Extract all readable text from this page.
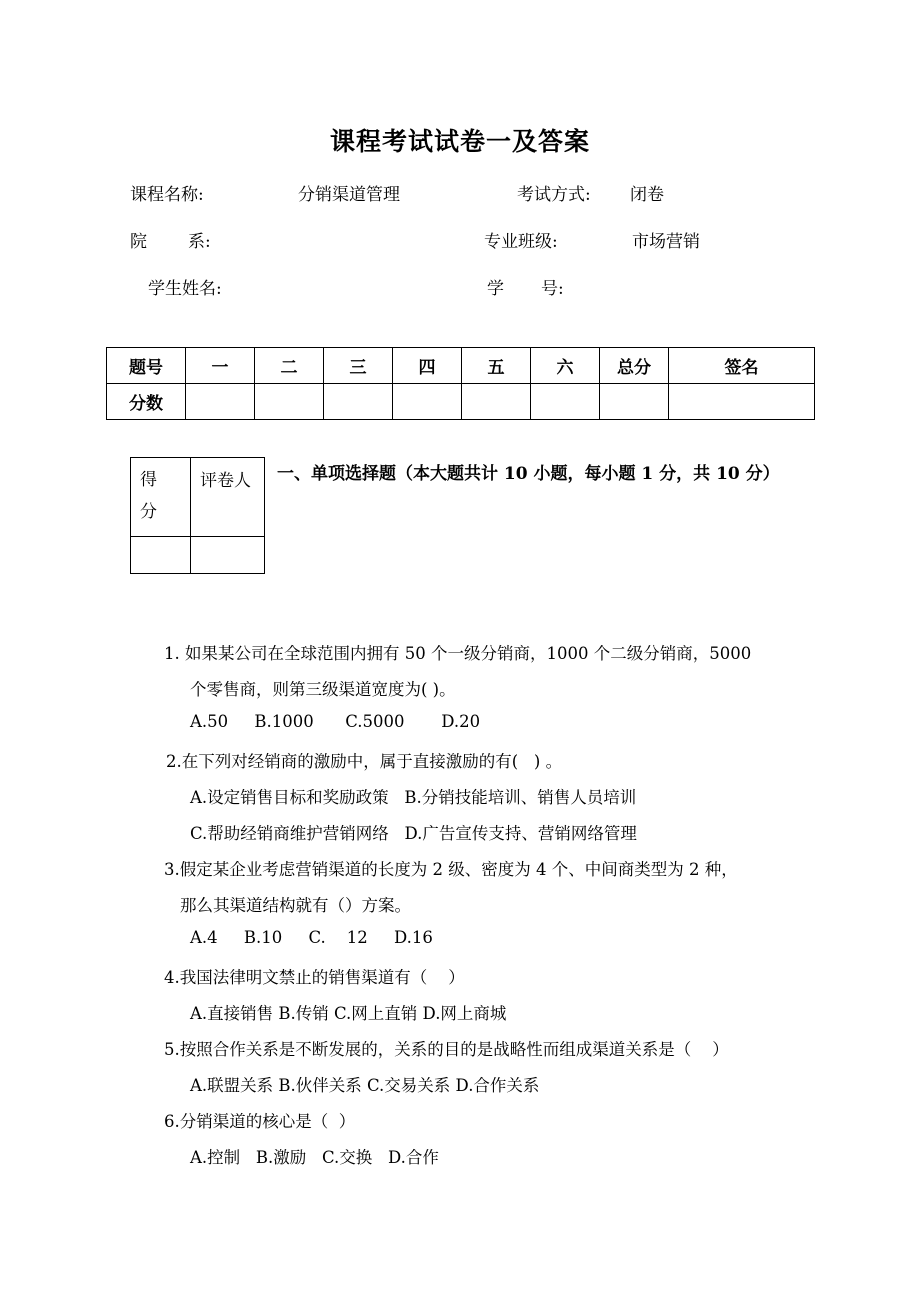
课程考试试卷一及答案
课程名称:	分销渠道管理	考试方式: 闭卷
院 系:	专业班级:	市场营销
学生姓名:	学 号:
题号	一	二	三	四	五	六	总分	签名
分数								
得
分	评卷人
	一、单项选择题（本大题共计 10 小题，每小题 1 分，共 10 分）
1. 如果某公司在全球范围内拥有 50 个一级分销商，1000 个二级分销商，5000
个零售商，则第三级渠道宽度为( )。
A.50     B.1000      C.5000       D.20
2.在下列对经销商的激励中，属于直接激励的有(   ) 。
A.设定销售目标和奖励政策   B.分销技能培训、销售人员培训
C.帮助经销商维护营销网络   D.广告宣传支持、营销网络管理
3.假定某企业考虑营销渠道的长度为 2 级、密度为 4 个、中间商类型为 2 种，
那么其渠道结构就有（）方案。
A.4     B.10     C.    12     D.16
4.我国法律明文禁止的销售渠道有（    ）
A.直接销售 B.传销 C.网上直销 D.网上商城
5.按照合作关系是不断发展的，关系的目的是战略性而组成渠道关系是（    ）
A.联盟关系 B.伙伴关系 C.交易关系 D.合作关系
6.分销渠道的核心是（  ）
A.控制   B.激励   C.交换   D.合作
